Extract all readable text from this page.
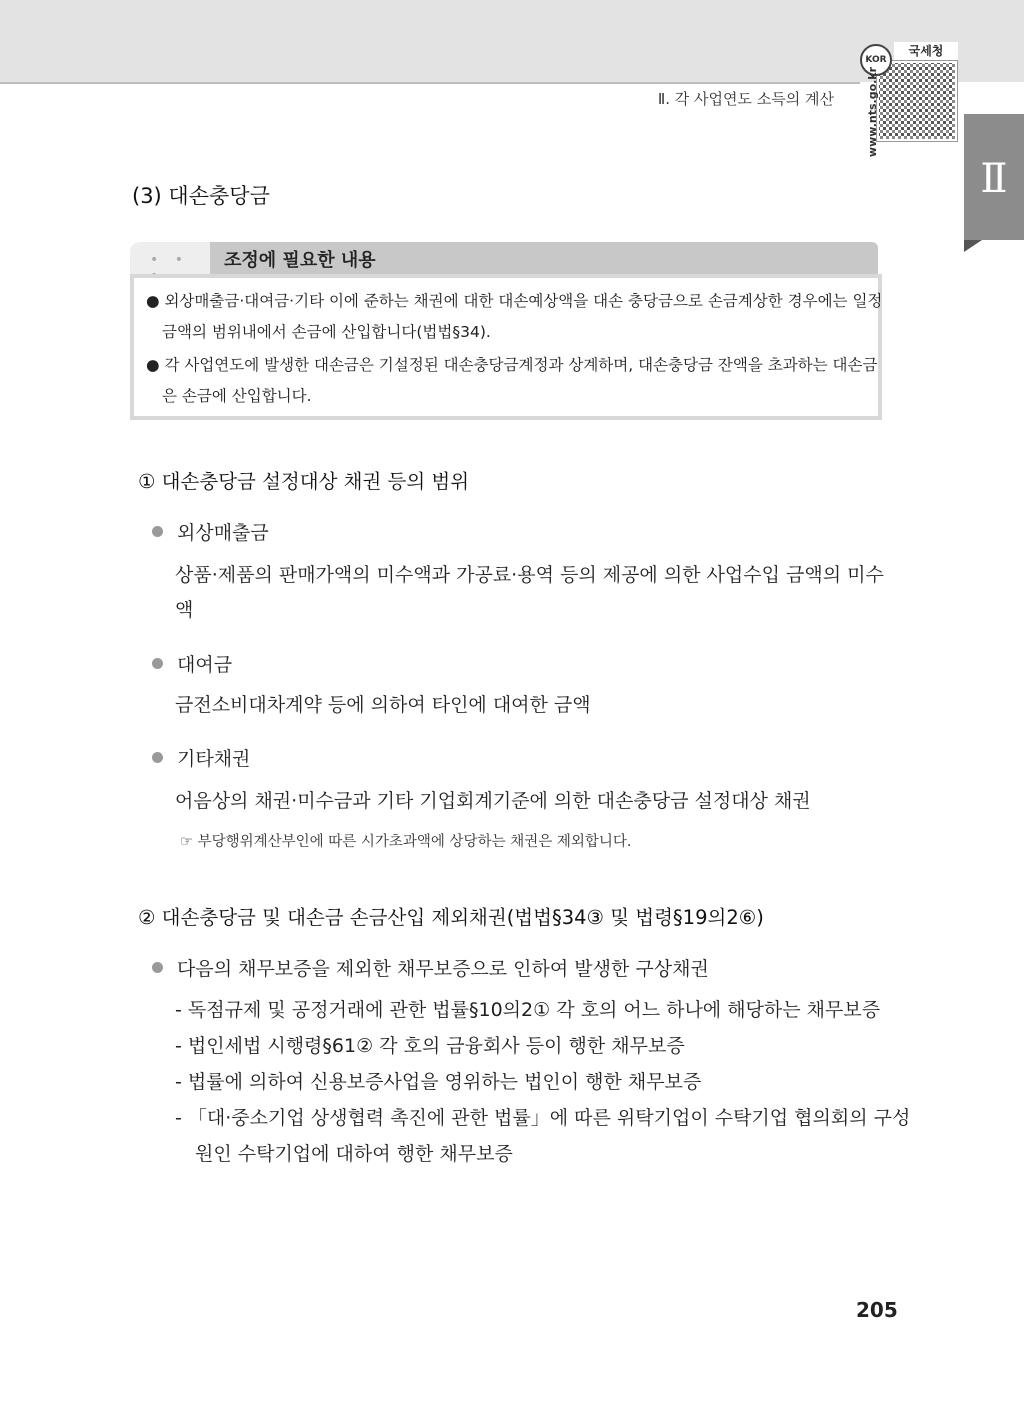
Ⅱ. 각 사업연도 소득의 계산
KOR
국세청
www.nts.go.kr
Ⅱ
(3) 대손충당금
• •	조정에 필요한 내용
● 외상매출금·대여금·기타 이에 준하는 채권에 대한 대손예상액을 대손 충당금으로 손금계상한 경우에는 일정금액의 범위내에서 손금에 산입합니다(법법§34).
● 각 사업연도에 발생한 대손금은 기설정된 대손충당금계정과 상계하며, 대손충당금 잔액을 초과하는 대손금은 손금에 산입합니다.
① 대손충당금 설정대상 채권 등의 범위
외상매출금
상품·제품의 판매가액의 미수액과 가공료·용역 등의 제공에 의한 사업수입 금액의 미수액
대여금
금전소비대차계약 등에 의하여 타인에 대여한 금액
기타채권
어음상의 채권·미수금과 기타 기업회계기준에 의한 대손충당금 설정대상 채권
☞ 부당행위계산부인에 따른 시가초과액에 상당하는 채권은 제외합니다.
② 대손충당금 및 대손금 손금산입 제외채권(법법§34③ 및 법령§19의2⑥)
다음의 채무보증을 제외한 채무보증으로 인하여 발생한 구상채권
- 독점규제 및 공정거래에 관한 법률§10의2① 각 호의 어느 하나에 해당하는 채무보증
- 법인세법 시행령§61② 각 호의 금융회사 등이 행한 채무보증
- 법률에 의하여 신용보증사업을 영위하는 법인이 행한 채무보증
- 「대·중소기업 상생협력 촉진에 관한 법률」에 따른 위탁기업이 수탁기업 협의회의 구성원인 수탁기업에 대하여 행한 채무보증
205
